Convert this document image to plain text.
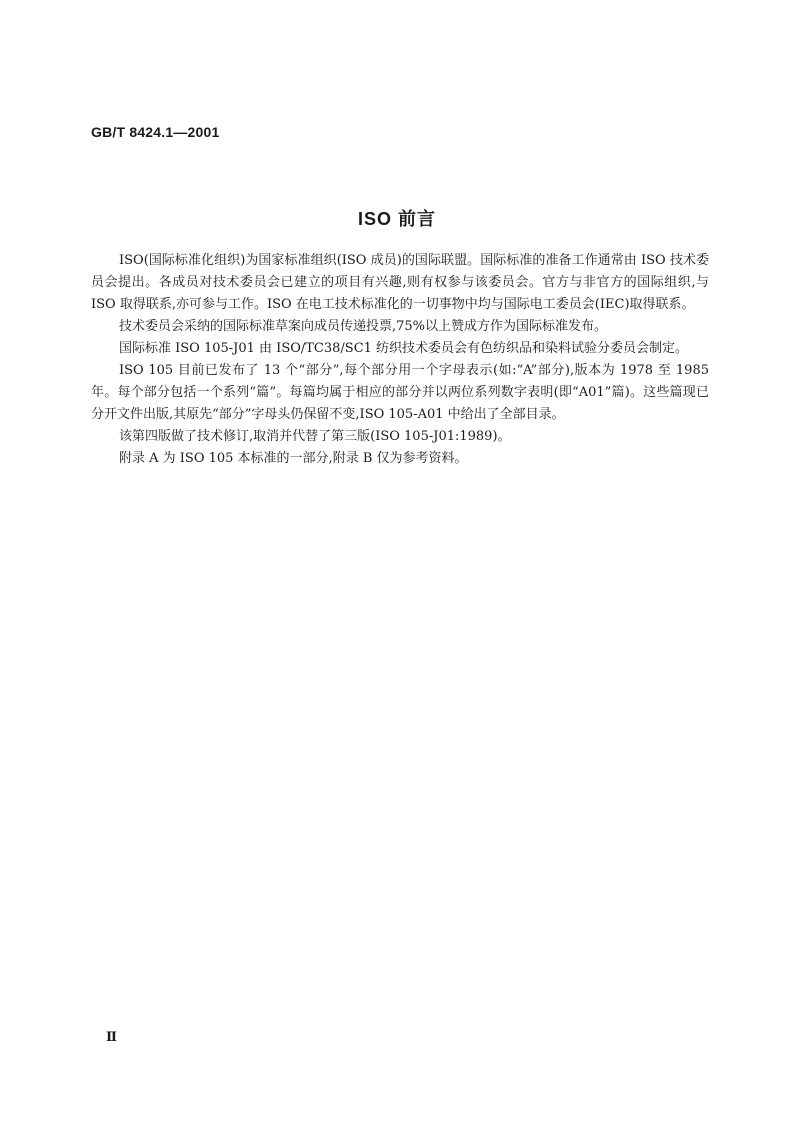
GB/T 8424.1—2001
ISO 前言

ISO(国际标准化组织)为国家标准组织(ISO 成员)的国际联盟。国际标准的准备工作通常由 ISO 技术委员会提出。各成员对技术委员会已建立的项目有兴趣,则有权参与该委员会。官方与非官方的国际组织,与 ISO 取得联系,亦可参与工作。ISO 在电工技术标准化的一切事物中均与国际电工委员会(IEC)取得联系。

技术委员会采纳的国际标准草案向成员传递投票,75%以上赞成方作为国际标准发布。

国际标准 ISO 105-J01 由 ISO/TC38/SC1 纺织技术委员会有色纺织品和染料试验分委员会制定。

ISO 105 目前已发布了 13 个“部分”,每个部分用一个字母表示(如:“A”部分),版本为 1978 至 1985 年。每个部分包括一个系列“篇”。每篇均属于相应的部分并以两位系列数字表明(即“A01”篇)。这些篇现已分开文件出版,其原先“部分”字母头仍保留不变,ISO 105-A01 中给出了全部目录。

该第四版做了技术修订,取消并代替了第三版(ISO 105-J01:1989)。

附录 A 为 ISO 105 本标准的一部分,附录 B 仅为参考资料。

Ⅱ
